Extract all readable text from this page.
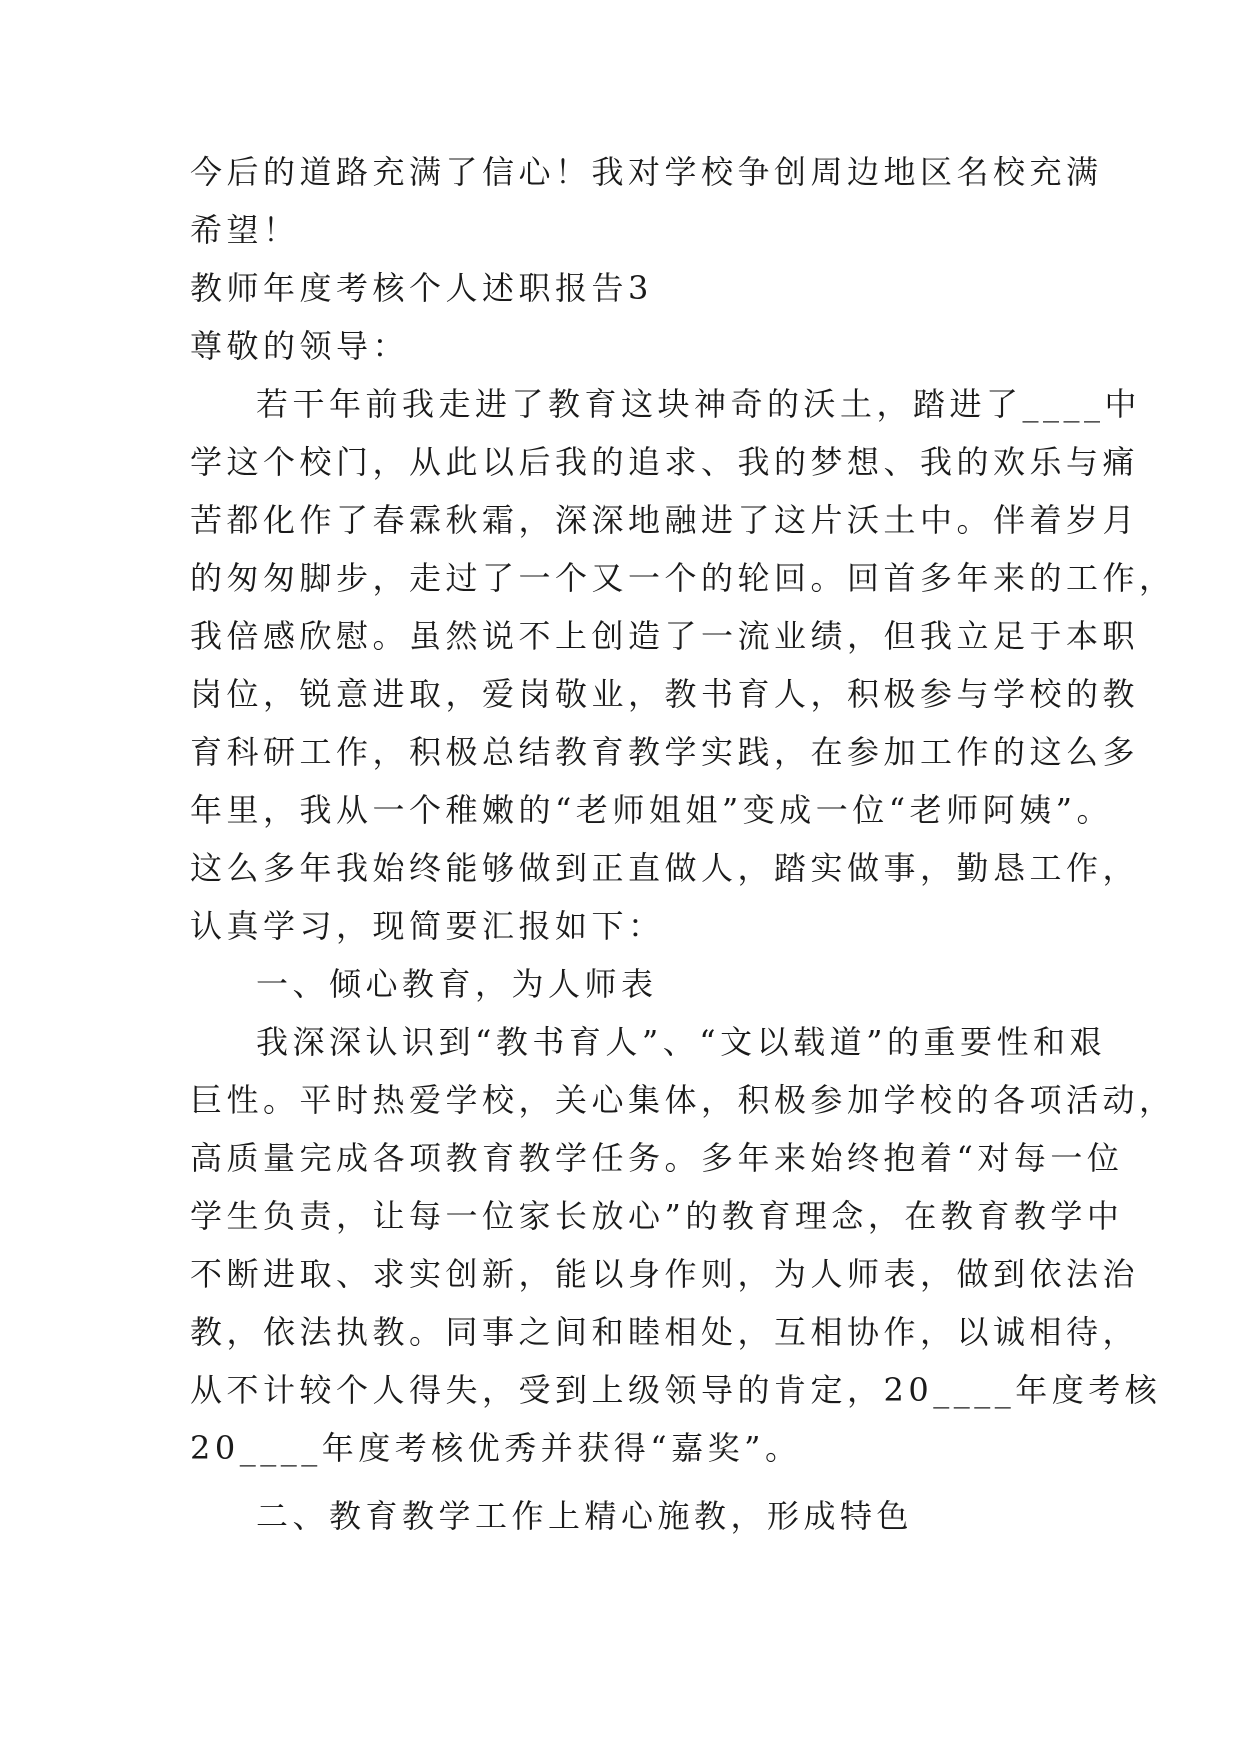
今后的道路充满了信心！我对学校争创周边地区名校充满
希望！
教师年度考核个人述职报告3
尊敬的领导：
若干年前我走进了教育这块神奇的沃土，踏进了____中
学这个校门，从此以后我的追求、我的梦想、我的欢乐与痛
苦都化作了春霖秋霜，深深地融进了这片沃土中。伴着岁月
的匆匆脚步，走过了一个又一个的轮回。回首多年来的工作，
我倍感欣慰。虽然说不上创造了一流业绩，但我立足于本职
岗位，锐意进取，爱岗敬业，教书育人，积极参与学校的教
育科研工作，积极总结教育教学实践，在参加工作的这么多
年里，我从一个稚嫩的“老师姐姐”变成一位“老师阿姨”。
这么多年我始终能够做到正直做人，踏实做事，勤恳工作，
认真学习，现简要汇报如下：
一、倾心教育，为人师表
我深深认识到“教书育人”、“文以载道”的重要性和艰
巨性。平时热爱学校，关心集体，积极参加学校的各项活动，
高质量完成各项教育教学任务。多年来始终抱着“对每一位
学生负责，让每一位家长放心”的教育理念，在教育教学中
不断进取、求实创新，能以身作则，为人师表，做到依法治
教，依法执教。同事之间和睦相处，互相协作，以诚相待，
从不计较个人得失，受到上级领导的肯定，20____年度考核
20____年度考核优秀并获得“嘉奖”。
二、教育教学工作上精心施教，形成特色
